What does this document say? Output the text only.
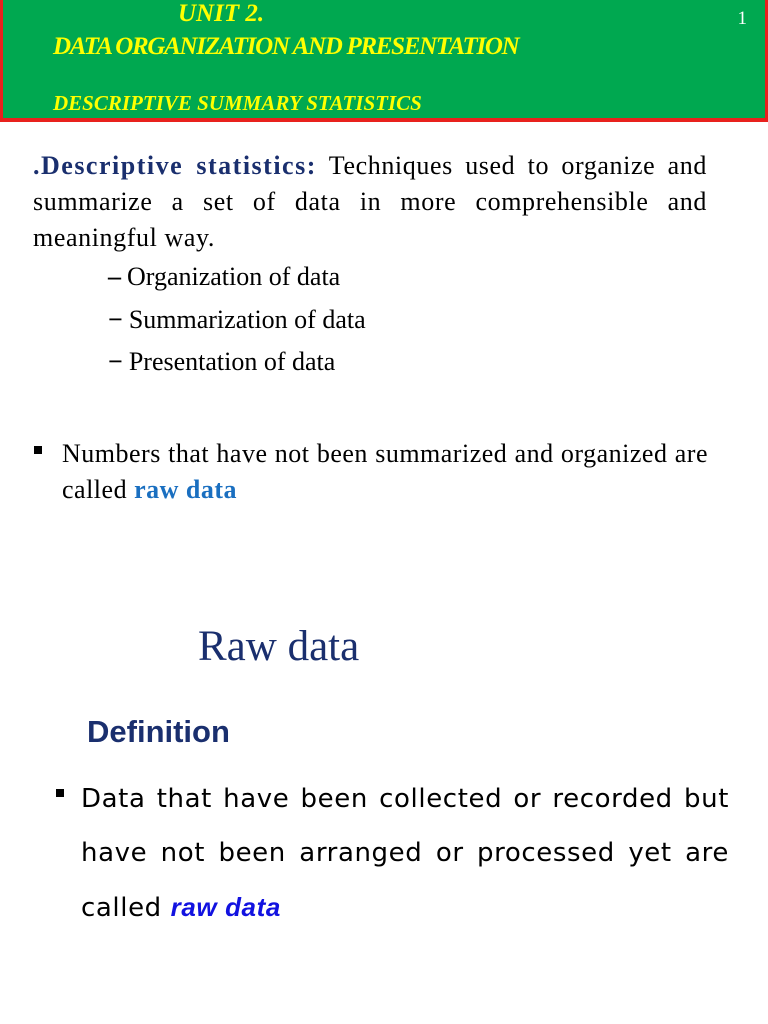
UNIT 2.
DATA ORGANIZATION AND PRESENTATION
DESCRIPTIVE SUMMARY STATISTICS
1
.Descriptive statistics: Techniques used to organize and summarize a set of data in more comprehensible and meaningful way.
– Organization of data
− Summarization of data
− Presentation of data
Numbers that have not been summarized and organized are called raw data
Raw data
Definition
Data that have been collected or recorded but have not been arranged or processed yet are called raw data
